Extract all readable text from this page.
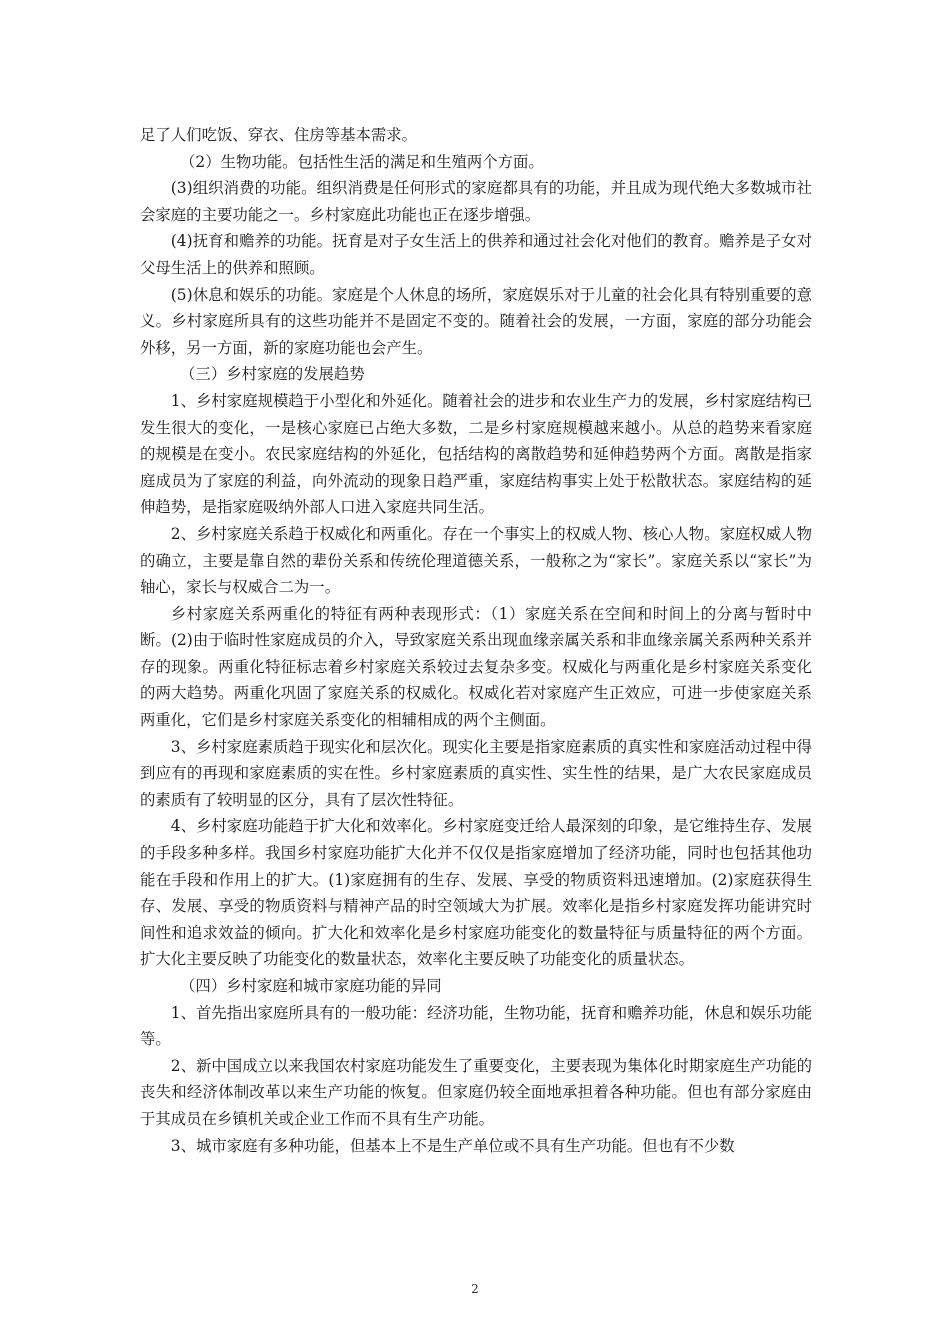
足了人们吃饭、穿衣、住房等基本需求。

（2）生物功能。包括性生活的满足和生殖两个方面。

(3)组织消费的功能。组织消费是任何形式的家庭都具有的功能，并且成为现代绝大多数城市社会家庭的主要功能之一。乡村家庭此功能也正在逐步增强。

(4)抚育和赡养的功能。抚育是对子女生活上的供养和通过社会化对他们的教育。赡养是子女对父母生活上的供养和照顾。

(5)休息和娱乐的功能。家庭是个人休息的场所，家庭娱乐对于儿童的社会化具有特别重要的意义。乡村家庭所具有的这些功能并不是固定不变的。随着社会的发展，一方面，家庭的部分功能会外移，另一方面，新的家庭功能也会产生。

（三）乡村家庭的发展趋势

1、乡村家庭规模趋于小型化和外延化。随着社会的进步和农业生产力的发展，乡村家庭结构已发生很大的变化，一是核心家庭已占绝大多数，二是乡村家庭规模越来越小。从总的趋势来看家庭的规模是在变小。农民家庭结构的外延化，包括结构的离散趋势和延伸趋势两个方面。离散是指家庭成员为了家庭的利益，向外流动的现象日趋严重，家庭结构事实上处于松散状态。家庭结构的延伸趋势，是指家庭吸纳外部人口进入家庭共同生活。

2、乡村家庭关系趋于权威化和两重化。存在一个事实上的权威人物、核心人物。家庭权威人物的确立，主要是靠自然的辈份关系和传统伦理道德关系，一般称之为“家长”。家庭关系以“家长”为轴心，家长与权威合二为一。

乡村家庭关系两重化的特征有两种表现形式：（1）家庭关系在空间和时间上的分离与暂时中断。(2)由于临时性家庭成员的介入，导致家庭关系出现血缘亲属关系和非血缘亲属关系两种关系并存的现象。两重化特征标志着乡村家庭关系较过去复杂多变。权威化与两重化是乡村家庭关系变化的两大趋势。两重化巩固了家庭关系的权威化。权威化若对家庭产生正效应，可进一步使家庭关系两重化，它们是乡村家庭关系变化的相辅相成的两个主侧面。

3、乡村家庭素质趋于现实化和层次化。现实化主要是指家庭素质的真实性和家庭活动过程中得到应有的再现和家庭素质的实在性。乡村家庭素质的真实性、实生性的结果，是广大农民家庭成员的素质有了较明显的区分，具有了层次性特征。

4、乡村家庭功能趋于扩大化和效率化。乡村家庭变迁给人最深刻的印象，是它维持生存、发展的手段多种多样。我国乡村家庭功能扩大化并不仅仅是指家庭增加了经济功能，同时也包括其他功能在手段和作用上的扩大。(1)家庭拥有的生存、发展、享受的物质资料迅速增加。(2)家庭获得生存、发展、享受的物质资料与精神产品的时空领域大为扩展。效率化是指乡村家庭发挥功能讲究时间性和追求效益的倾向。扩大化和效率化是乡村家庭功能变化的数量特征与质量特征的两个方面。扩大化主要反映了功能变化的数量状态，效率化主要反映了功能变化的质量状态。

（四）乡村家庭和城市家庭功能的异同

1、首先指出家庭所具有的一般功能：经济功能，生物功能，抚育和赡养功能，休息和娱乐功能等。

2、新中国成立以来我国农村家庭功能发生了重要变化，主要表现为集体化时期家庭生产功能的丧失和经济体制改革以来生产功能的恢复。但家庭仍较全面地承担着各种功能。但也有部分家庭由于其成员在乡镇机关或企业工作而不具有生产功能。

3、城市家庭有多种功能，但基本上不是生产单位或不具有生产功能。但也有不少数

2
